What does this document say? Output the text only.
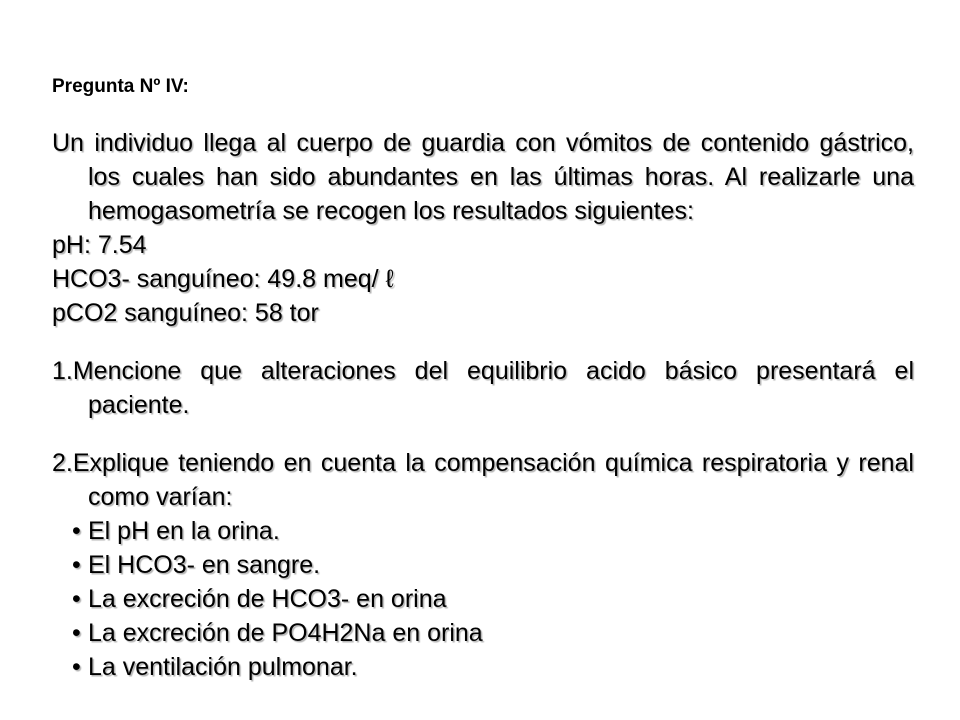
Pregunta Nº IV:

Un individuo llega al cuerpo de guardia con vómitos de contenido gástrico, los cuales han sido abundantes en las últimas horas. Al realizarle una hemogasometría se recogen los resultados siguientes:

pH: 7.54

HCO3- sanguíneo: 49.8 meq/ ℓ

pCO2 sanguíneo: 58 tor

1.Mencione que alteraciones del equilibrio acido básico presentará el paciente.

2.Explique teniendo en cuenta la compensación química respiratoria y renal como varían:

• El pH en la orina.
• El HCO3- en sangre.
• La excreción de HCO3- en orina
• La excreción de PO4H2Na en orina
• La ventilación pulmonar.
